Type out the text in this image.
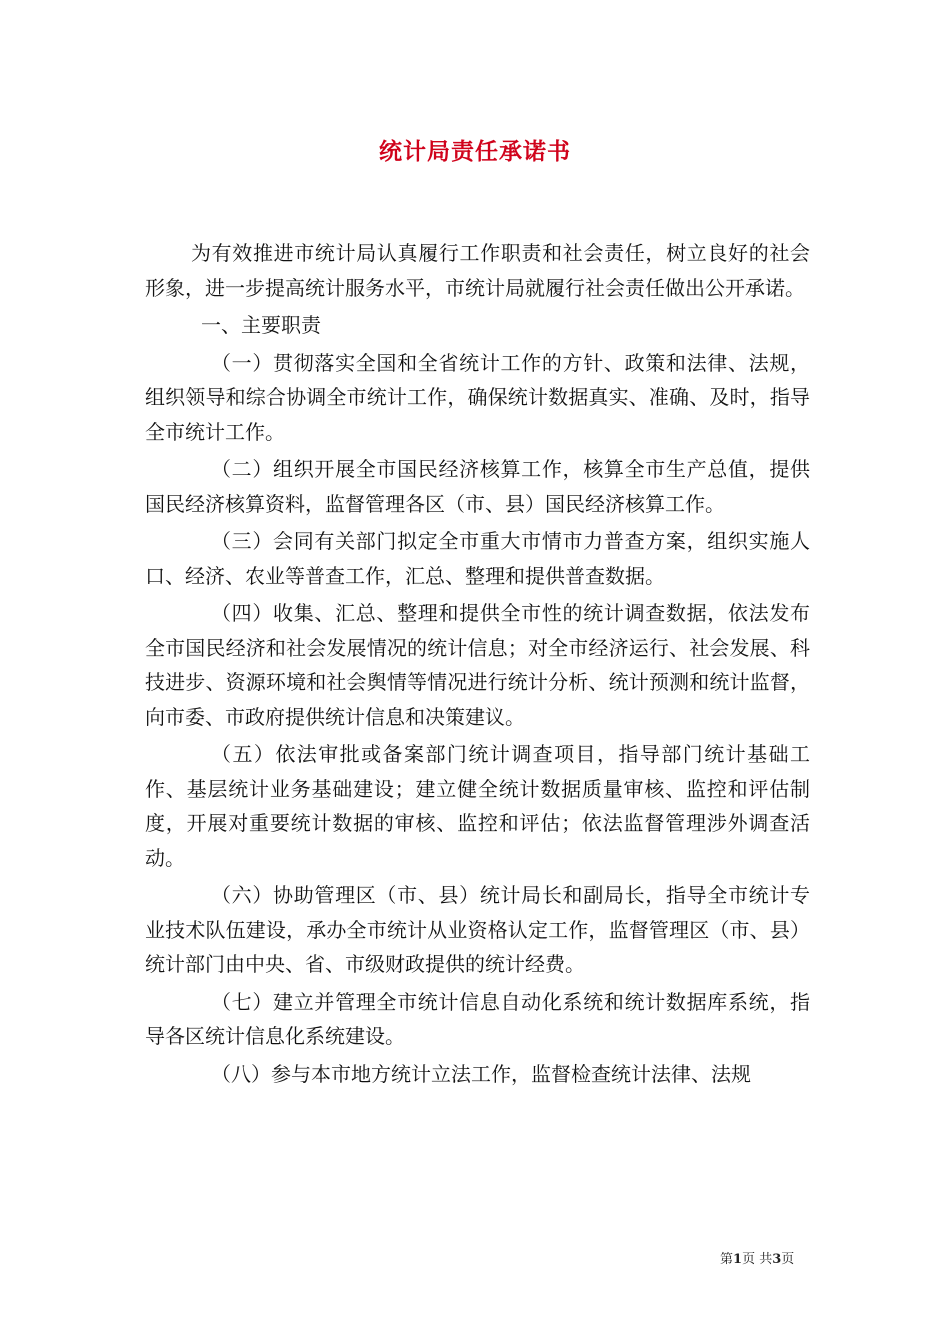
统计局责任承诺书

为有效推进市统计局认真履行工作职责和社会责任，树立良好的社会形象，进一步提高统计服务水平，市统计局就履行社会责任做出公开承诺。

一、主要职责

（一）贯彻落实全国和全省统计工作的方针、政策和法律、法规，组织领导和综合协调全市统计工作，确保统计数据真实、准确、及时，指导全市统计工作。

（二）组织开展全市国民经济核算工作，核算全市生产总值，提供国民经济核算资料，监督管理各区（市、县）国民经济核算工作。

（三）会同有关部门拟定全市重大市情市力普查方案，组织实施人口、经济、农业等普查工作，汇总、整理和提供普查数据。

（四）收集、汇总、整理和提供全市性的统计调查数据，依法发布全市国民经济和社会发展情况的统计信息；对全市经济运行、社会发展、科技进步、资源环境和社会舆情等情况进行统计分析、统计预测和统计监督，向市委、市政府提供统计信息和决策建议。

（五）依法审批或备案部门统计调查项目，指导部门统计基础工作、基层统计业务基础建设；建立健全统计数据质量审核、监控和评估制度，开展对重要统计数据的审核、监控和评估；依法监督管理涉外调查活动。

（六）协助管理区（市、县）统计局长和副局长，指导全市统计专业技术队伍建设，承办全市统计从业资格认定工作，监督管理区（市、县）统计部门由中央、省、市级财政提供的统计经费。

（七）建立并管理全市统计信息自动化系统和统计数据库系统，指导各区统计信息化系统建设。

（八）参与本市地方统计立法工作，监督检查统计法律、法规

第1页 共3页
